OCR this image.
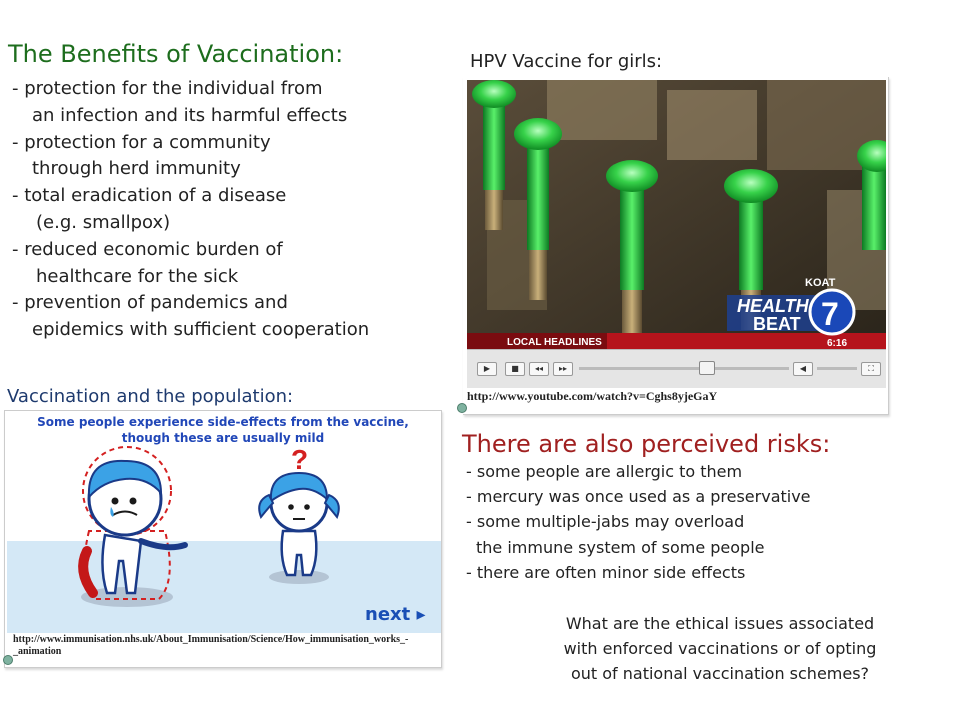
The Benefits of Vaccination:
- protection for the individual from
an infection and its harmful effects
- protection for a community
through herd immunity
- total eradication of a disease
(e.g. smallpox)
- reduced economic burden of
healthcare for the sick
- prevention of pandemics and
epidemics with sufficient cooperation
HPV Vaccine for girls:
LOCAL HEADLINES	6:16
HEALTH
BEAT
KOAT
7
▶	■	◂◂	▸▸	◀	⛶
http://www.youtube.com/watch?v=Cghs8yjeGaY
Vaccination and the population:
?
Some people experience side-effects from the vaccine,
though these are usually mild
next ▸
http://www.immunisation.nhs.uk/About_Immunisation/Science/How_immunisation_works_-_animation
There are also perceived risks:
- some people are allergic to them
- mercury was once used as a preservative
- some multiple-jabs may overload
the immune system of some people
- there are often minor side effects
What are the ethical issues associated
with enforced vaccinations or of opting
out of national vaccination schemes?
